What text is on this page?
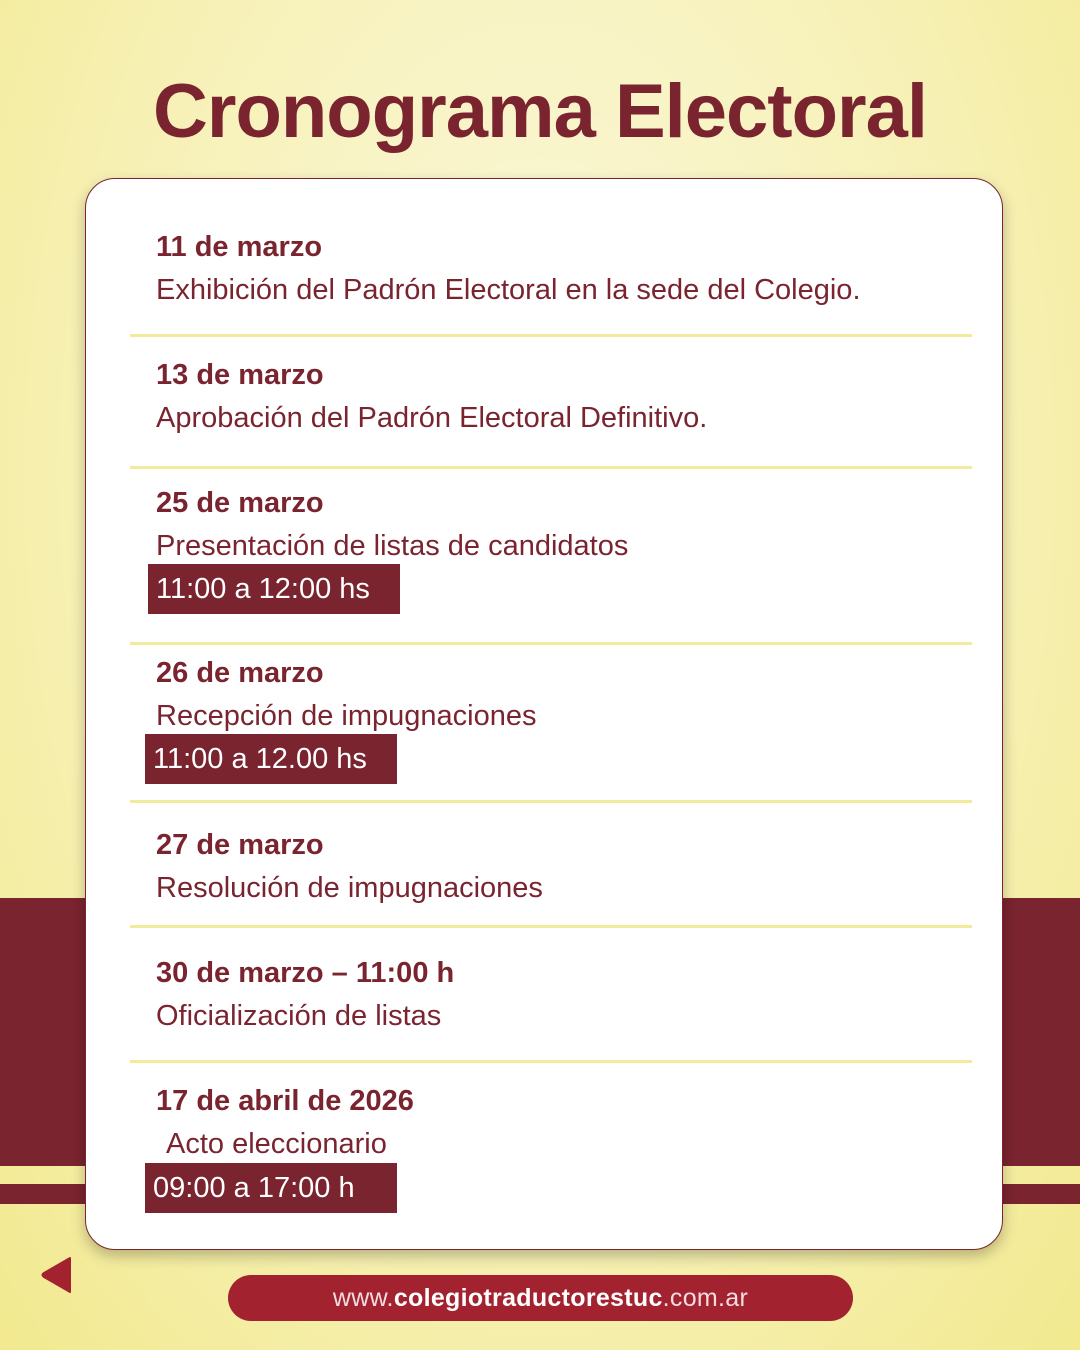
Cronograma Electoral
11 de marzo
Exhibición del Padrón Electoral en la sede del Colegio.
13 de marzo
Aprobación del Padrón Electoral Definitivo.
25 de marzo
Presentación de listas de candidatos
11:00 a 12:00 hs
26 de marzo
Recepción de impugnaciones
11:00 a 12.00 hs
27 de marzo
Resolución de impugnaciones
30 de marzo – 11:00 h
Oficialización de listas
17 de abril de 2026
Acto eleccionario
09:00 a 17:00 h
www. colegiotraductorestuc .com.ar
